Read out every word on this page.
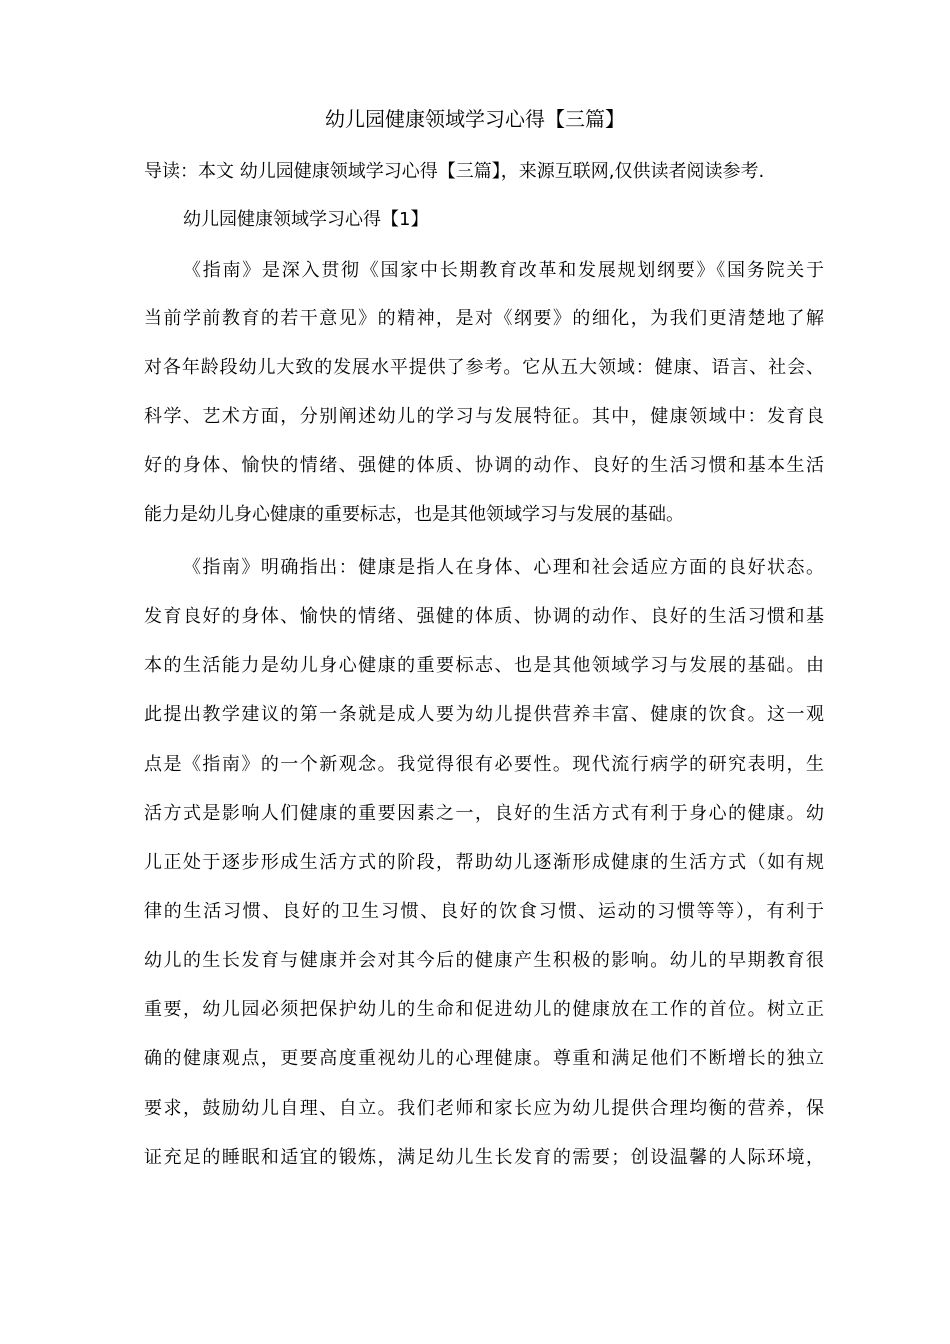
幼儿园健康领域学习心得【三篇】
导读：本文 幼儿园健康领域学习心得【三篇】，来源互联网,仅供读者阅读参考.
幼儿园健康领域学习心得【1】
《指南》是深入贯彻《国家中长期教育改革和发展规划纲要》《国务院关于
当前学前教育的若干意见》的精神，是对《纲要》的细化，为我们更清楚地了解
对各年龄段幼儿大致的发展水平提供了参考。它从五大领域：健康、语言、社会、
科学、艺术方面，分别阐述幼儿的学习与发展特征。其中，健康领域中：发育良
好的身体、愉快的情绪、强健的体质、协调的动作、良好的生活习惯和基本生活
能力是幼儿身心健康的重要标志，也是其他领域学习与发展的基础。
《指南》明确指出：健康是指人在身体、心理和社会适应方面的良好状态。
发育良好的身体、愉快的情绪、强健的体质、协调的动作、良好的生活习惯和基
本的生活能力是幼儿身心健康的重要标志、也是其他领域学习与发展的基础。由
此提出教学建议的第一条就是成人要为幼儿提供营养丰富、健康的饮食。这一观
点是《指南》的一个新观念。我觉得很有必要性。现代流行病学的研究表明，生
活方式是影响人们健康的重要因素之一，良好的生活方式有利于身心的健康。幼
儿正处于逐步形成生活方式的阶段，帮助幼儿逐渐形成健康的生活方式（如有规
律的生活习惯、良好的卫生习惯、良好的饮食习惯、运动的习惯等等），有利于
幼儿的生长发育与健康并会对其今后的健康产生积极的影响。幼儿的早期教育很
重要，幼儿园必须把保护幼儿的生命和促进幼儿的健康放在工作的首位。树立正
确的健康观点，更要高度重视幼儿的心理健康。尊重和满足他们不断增长的独立
要求，鼓励幼儿自理、自立。我们老师和家长应为幼儿提供合理均衡的营养，保
证充足的睡眠和适宜的锻炼，满足幼儿生长发育的需要；创设温馨的人际环境，
